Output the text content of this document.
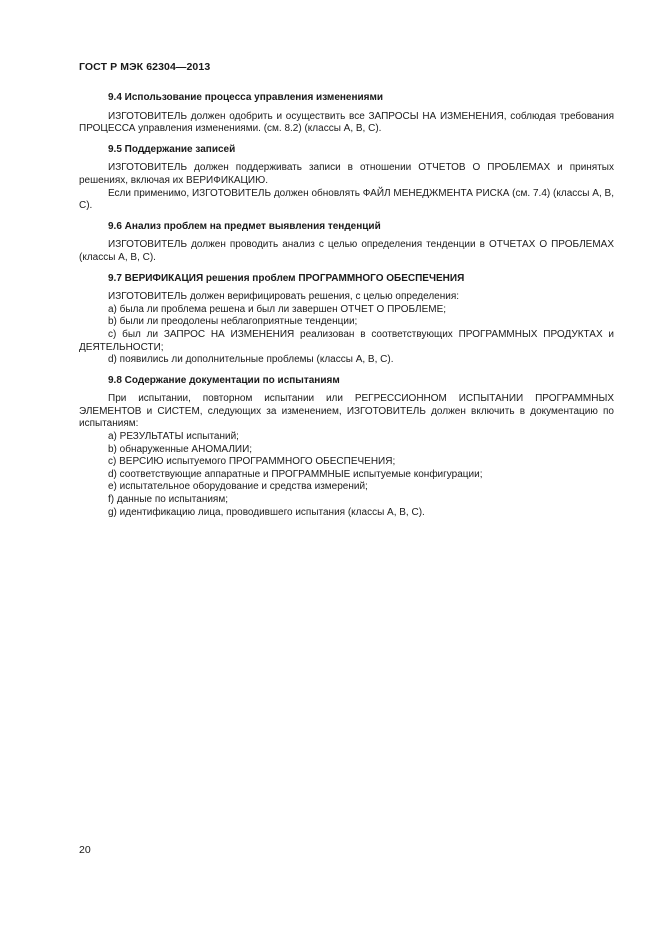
ГОСТ Р МЭК 62304—2013
9.4 Использование процесса управления изменениями
ИЗГОТОВИТЕЛЬ должен одобрить и осуществить все ЗАПРОСЫ НА ИЗМЕНЕНИЯ, соблюдая требования ПРОЦЕССА управления изменениями. (см. 8.2) (классы А, В, С).
9.5 Поддержание записей
ИЗГОТОВИТЕЛЬ должен поддерживать записи в отношении ОТЧЕТОВ О ПРОБЛЕМАХ и принятых решениях, включая их ВЕРИФИКАЦИЮ.
Если применимо, ИЗГОТОВИТЕЛЬ должен обновлять ФАЙЛ МЕНЕДЖМЕНТА РИСКА (см. 7.4) (классы А, В, С).
9.6 Анализ проблем на предмет выявления тенденций
ИЗГОТОВИТЕЛЬ должен проводить анализ с целью определения тенденции в ОТЧЕТАХ О ПРОБЛЕМАХ (классы А, В, С).
9.7 ВЕРИФИКАЦИЯ решения проблем ПРОГРАММНОГО ОБЕСПЕЧЕНИЯ
ИЗГОТОВИТЕЛЬ должен верифицировать решения, с целью определения:
a) была ли проблема решена и был ли завершен ОТЧЕТ О ПРОБЛЕМЕ;
b) были ли преодолены неблагоприятные тенденции;
c) был ли ЗАПРОС НА ИЗМЕНЕНИЯ реализован в соответствующих ПРОГРАММНЫХ ПРОДУКТАХ и ДЕЯТЕЛЬНОСТИ;
d) появились ли дополнительные проблемы (классы А, В, С).
9.8 Содержание документации по испытаниям
При испытании, повторном испытании или РЕГРЕССИОННОМ ИСПЫТАНИИ ПРОГРАММНЫХ ЭЛЕМЕНТОВ и СИСТЕМ, следующих за изменением, ИЗГОТОВИТЕЛЬ должен включить в документацию по испытаниям:
a) РЕЗУЛЬТАТЫ испытаний;
b) обнаруженные АНОМАЛИИ;
c) ВЕРСИЮ испытуемого ПРОГРАММНОГО ОБЕСПЕЧЕНИЯ;
d) соответствующие аппаратные и ПРОГРАММНЫЕ испытуемые конфигурации;
e) испытательное оборудование и средства измерений;
f) данные по испытаниям;
g) идентификацию лица, проводившего испытания (классы А, В, С).
20
